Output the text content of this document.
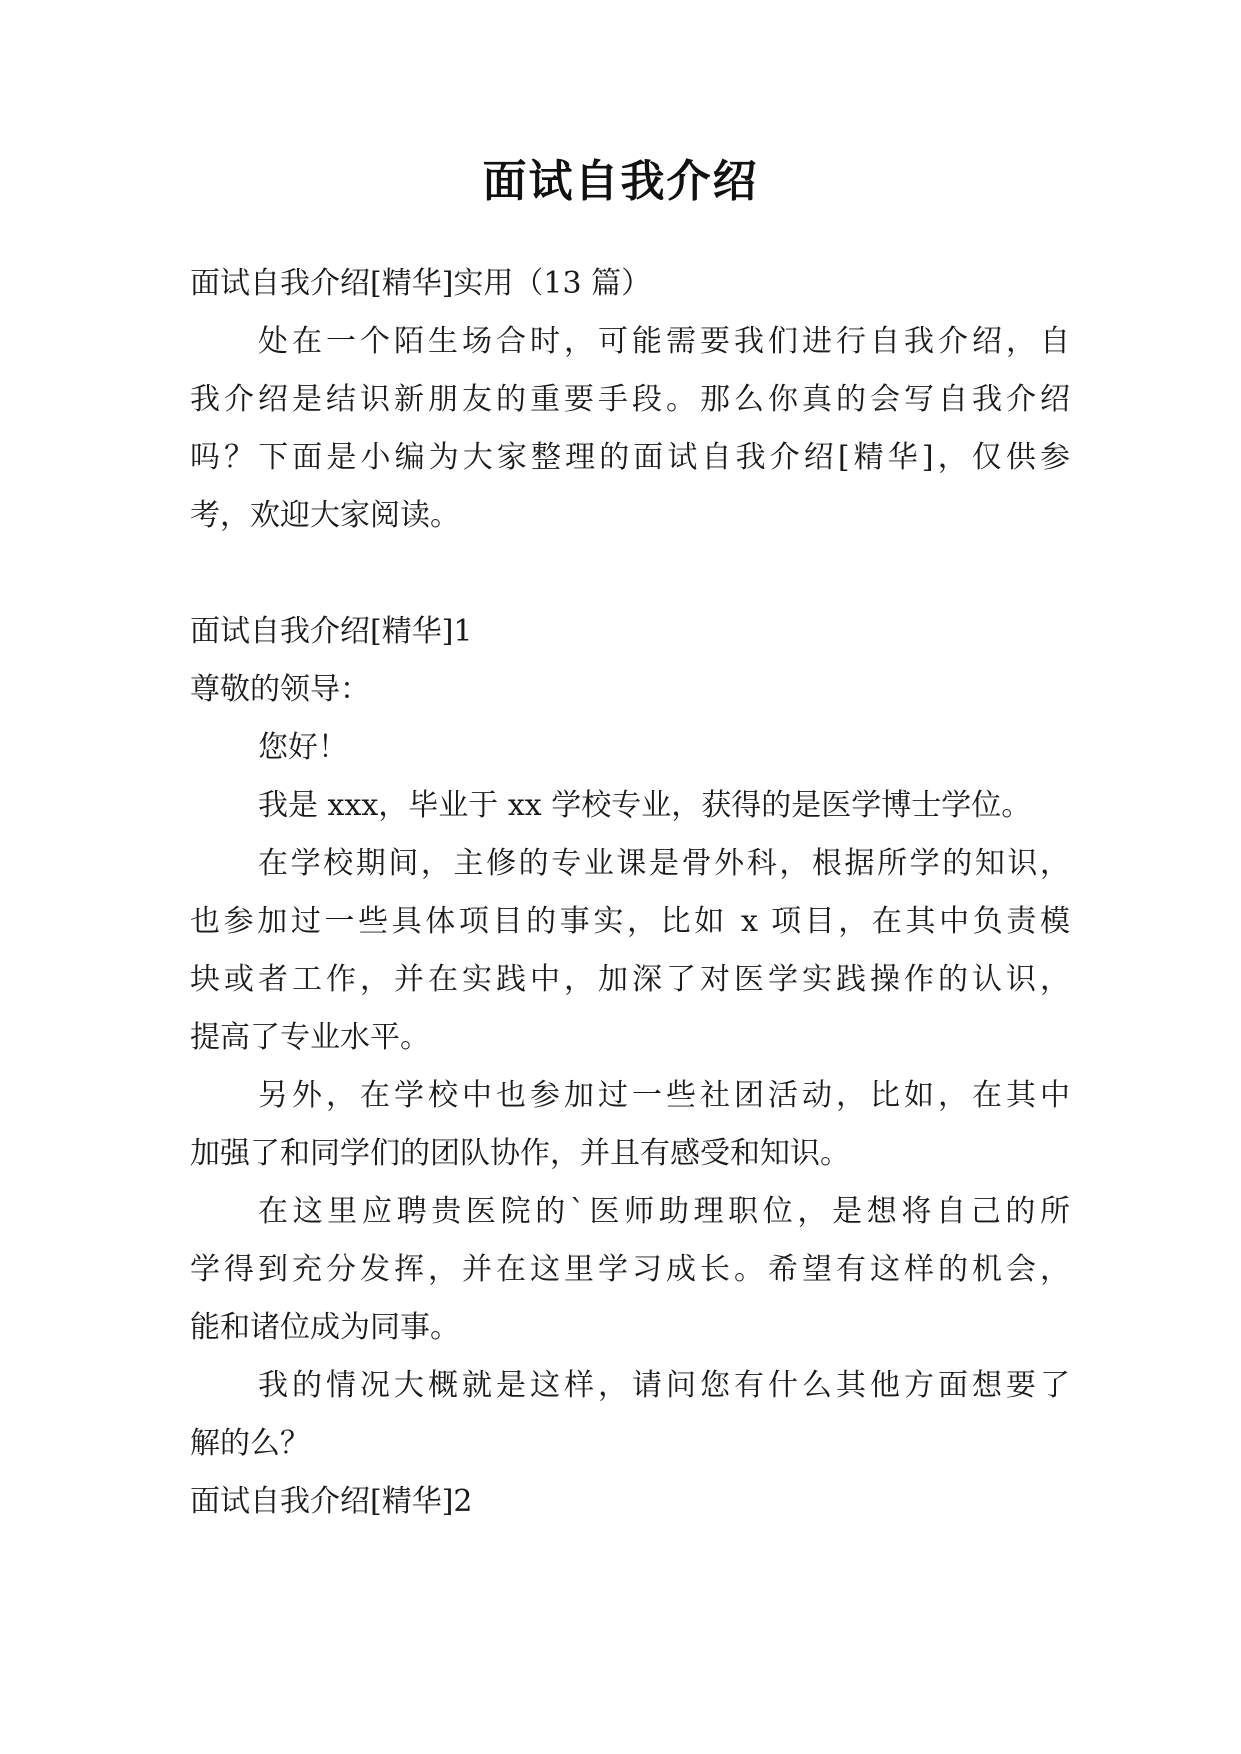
面试自我介绍
面试自我介绍[精华]实用（13 篇）
处在一个陌生场合时，可能需要我们进行自我介绍，自
我介绍是结识新朋友的重要手段。那么你真的会写自我介绍
吗？下面是小编为大家整理的面试自我介绍[精华]，仅供参
考，欢迎大家阅读。
面试自我介绍[精华]1
尊敬的领导：
您好！
我是 xxx，毕业于 xx 学校专业，获得的是医学博士学位。
在学校期间，主修的专业课是骨外科，根据所学的知识，
也参加过一些具体项目的事实，比如 x 项目，在其中负责模
块或者工作，并在实践中，加深了对医学实践操作的认识，
提高了专业水平。
另外，在学校中也参加过一些社团活动，比如，在其中
加强了和同学们的团队协作，并且有感受和知识。
在这里应聘贵医院的`医师助理职位，是想将自己的所
学得到充分发挥，并在这里学习成长。希望有这样的机会，
能和诸位成为同事。
我的情况大概就是这样，请问您有什么其他方面想要了
解的么？
面试自我介绍[精华]2
